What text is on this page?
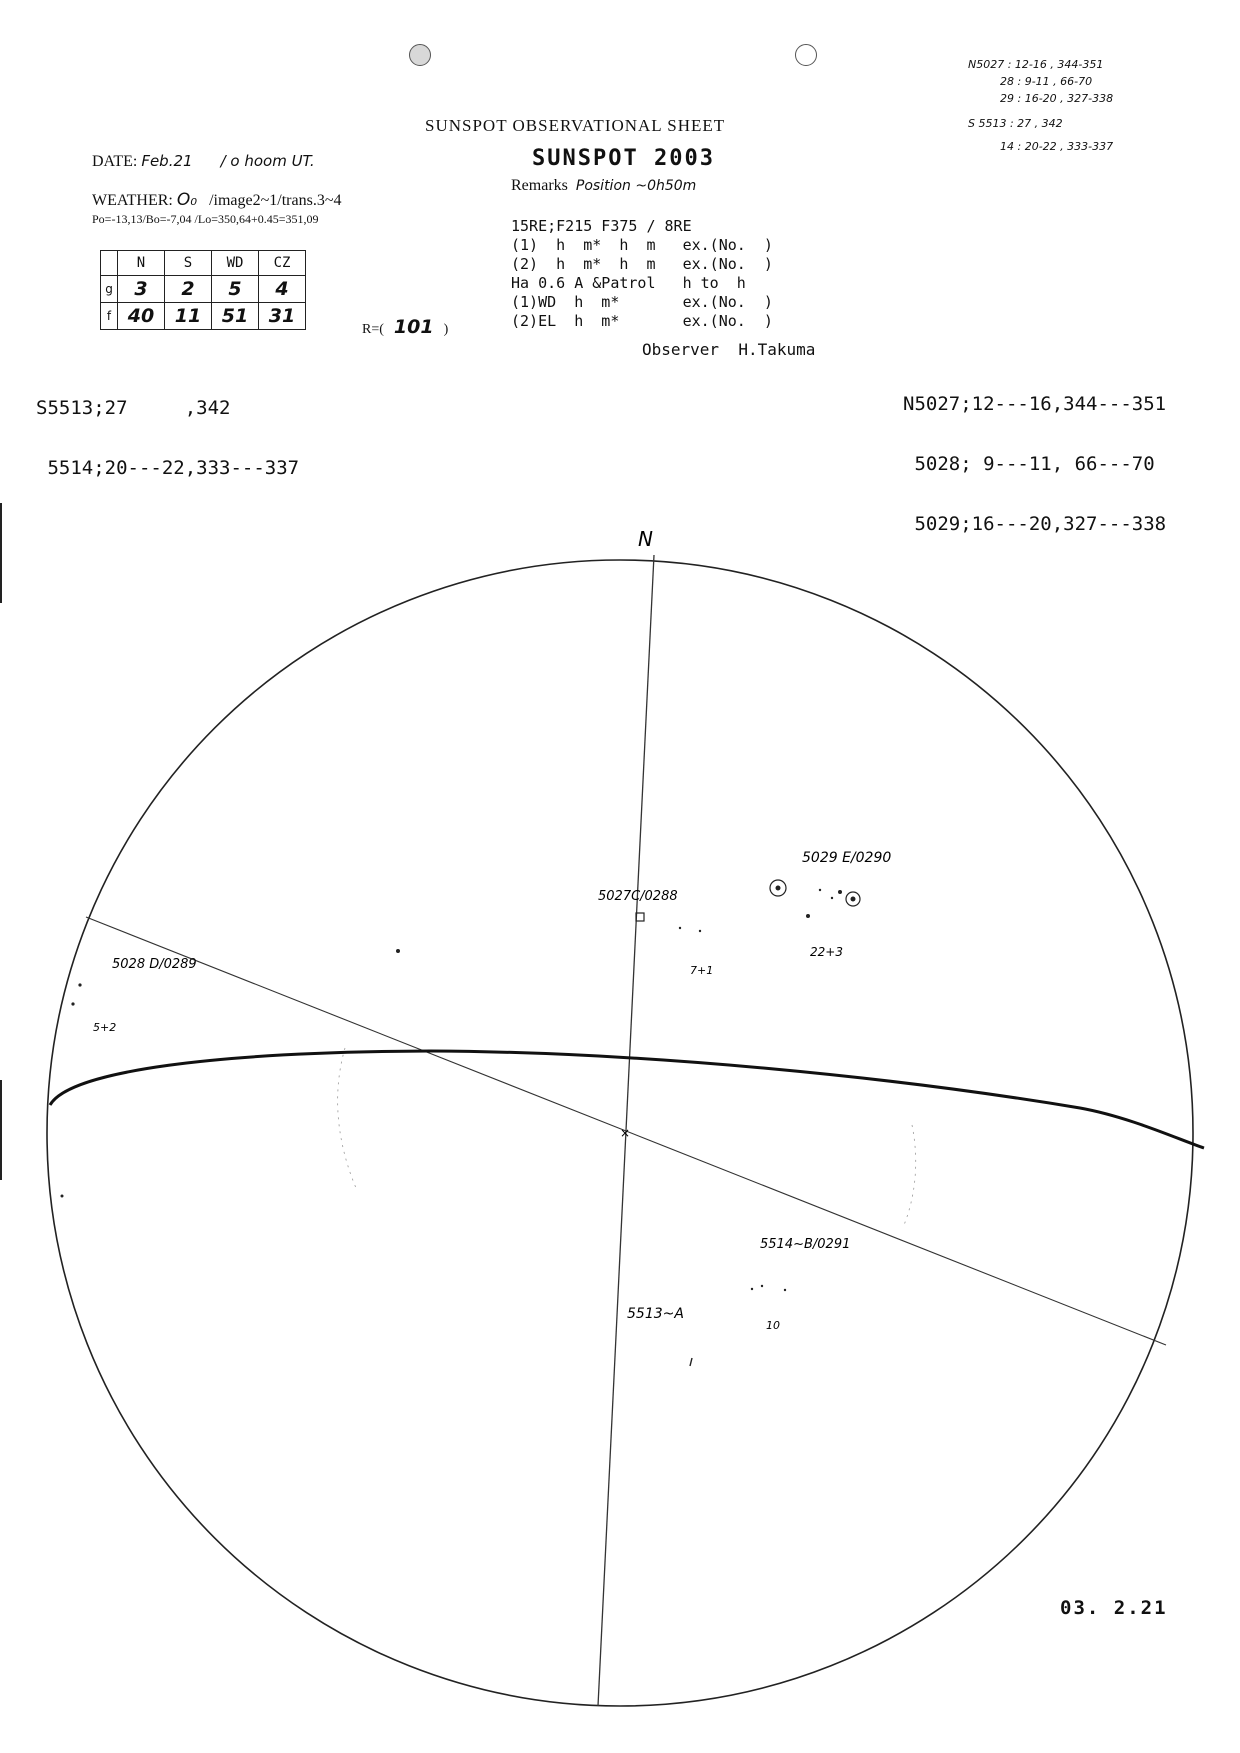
SUNSPOT OBSERVATIONAL SHEET
SUNSPOT 2003
DATE: Feb.21 / o hoom UT.
WEATHER: O₀ /image2~1/trans.3~4
Po=-13,13/Bo=-7,04 /Lo=350,64+0.45=351,09
	N	S	WD	CZ
g	3	2	5	4
f	40	11	51	31
R=( 101 )
Remarks Position ~0h50m
15RE;F215 F375 / 8RE
(1)  h  m*  h  m   ex.(No.  )
(2)  h  m*  h  m   ex.(No.  )
Ha 0.6 A &Patrol   h to  h
(1)WD  h  m*       ex.(No.  )
(2)EL  h  m*       ex.(No.  )
Observer  H.Takuma

S5513;27     ,342

5514;20---22,333---337

N5027;12---16,344---351

5028; 9---11, 66---70

5029;16---20,327---338

N5027 : 12-16 , 344-351
28 : 9-11 , 66-70
29 : 16-20 , 327-338
S 5513 : 27 , 342
14 : 20-22 , 333-337
N
×
5029 E/0290
22+3
5027C/0288
7+1
5028 D/0289
5+2
5514~B/0291
10
5513~A
03. 2.21
